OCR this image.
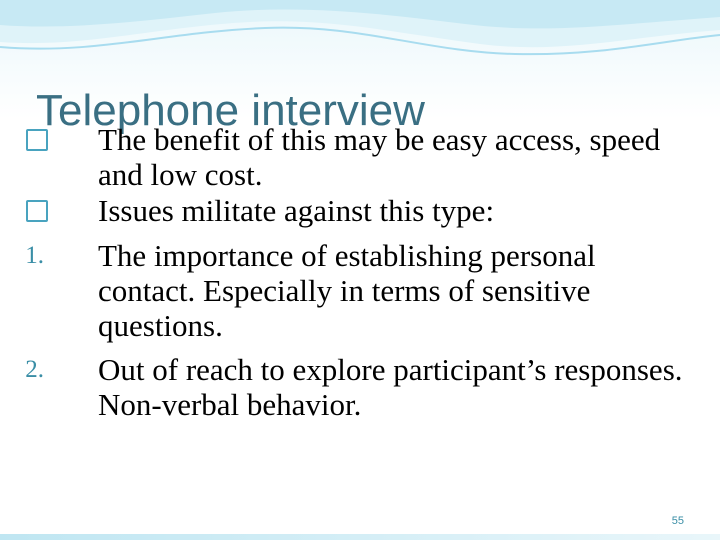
Telephone interview
The benefit of this may be easy access, speed and low cost.
Issues militate against this type:
1. The importance of establishing personal contact. Especially in terms of sensitive questions.
2. Out of reach to explore participant’s responses. Non-verbal behavior.
55
